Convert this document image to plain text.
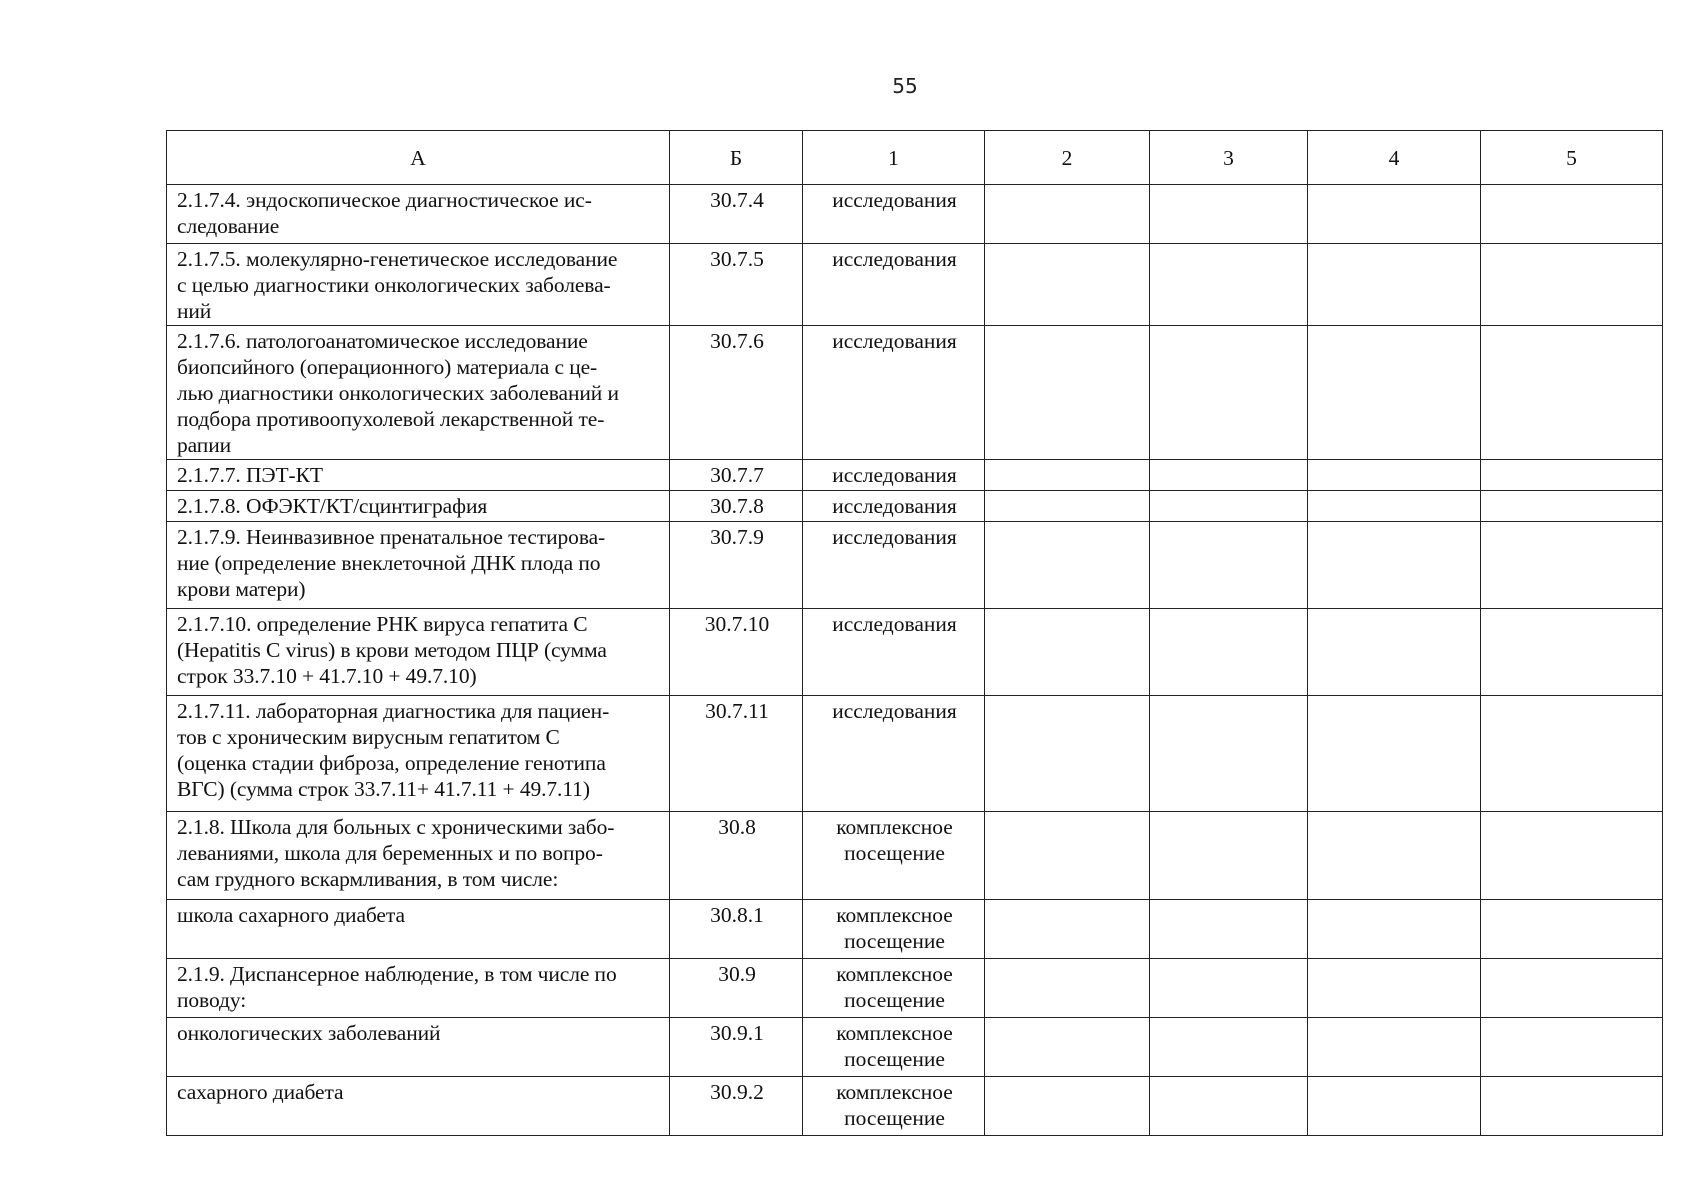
55
А	Б	1	2	3	4	5
2.1.7.4. эндоскопическое диагностическое ис-
следование	30.7.4	исследования				
2.1.7.5. молекулярно-генетическое исследование
с целью диагностики онкологических заболева-
ний	30.7.5	исследования				
2.1.7.6. патологоанатомическое исследование
биопсийного (операционного) материала с це-
лью диагностики онкологических заболеваний и
подбора противоопухолевой лекарственной те-
рапии	30.7.6	исследования				
2.1.7.7. ПЭТ-КТ	30.7.7	исследования				
2.1.7.8. ОФЭКТ/КТ/сцинтиграфия	30.7.8	исследования				
2.1.7.9. Неинвазивное пренатальное тестирова-
ние (определение внеклеточной ДНК плода по
крови матери)	30.7.9	исследования				
2.1.7.10. определение РНК вируса гепатита С
(Hepatitis C virus) в крови методом ПЦР (сумма
строк 33.7.10 + 41.7.10 + 49.7.10)	30.7.10	исследования				
2.1.7.11. лабораторная диагностика для пациен-
тов с хроническим вирусным гепатитом С
(оценка стадии фиброза, определение генотипа
ВГС) (сумма строк 33.7.11+ 41.7.11 + 49.7.11)	30.7.11	исследования				
2.1.8. Школа для больных с хроническими забо-
леваниями, школа для беременных и по вопро-
сам грудного вскармливания, в том числе:	30.8	комплексное
посещение				
школа сахарного диабета	30.8.1	комплексное
посещение				
2.1.9. Диспансерное наблюдение, в том числе по
поводу:	30.9	комплексное
посещение				
онкологических заболеваний	30.9.1	комплексное
посещение				
сахарного диабета	30.9.2	комплексное
посещение				
